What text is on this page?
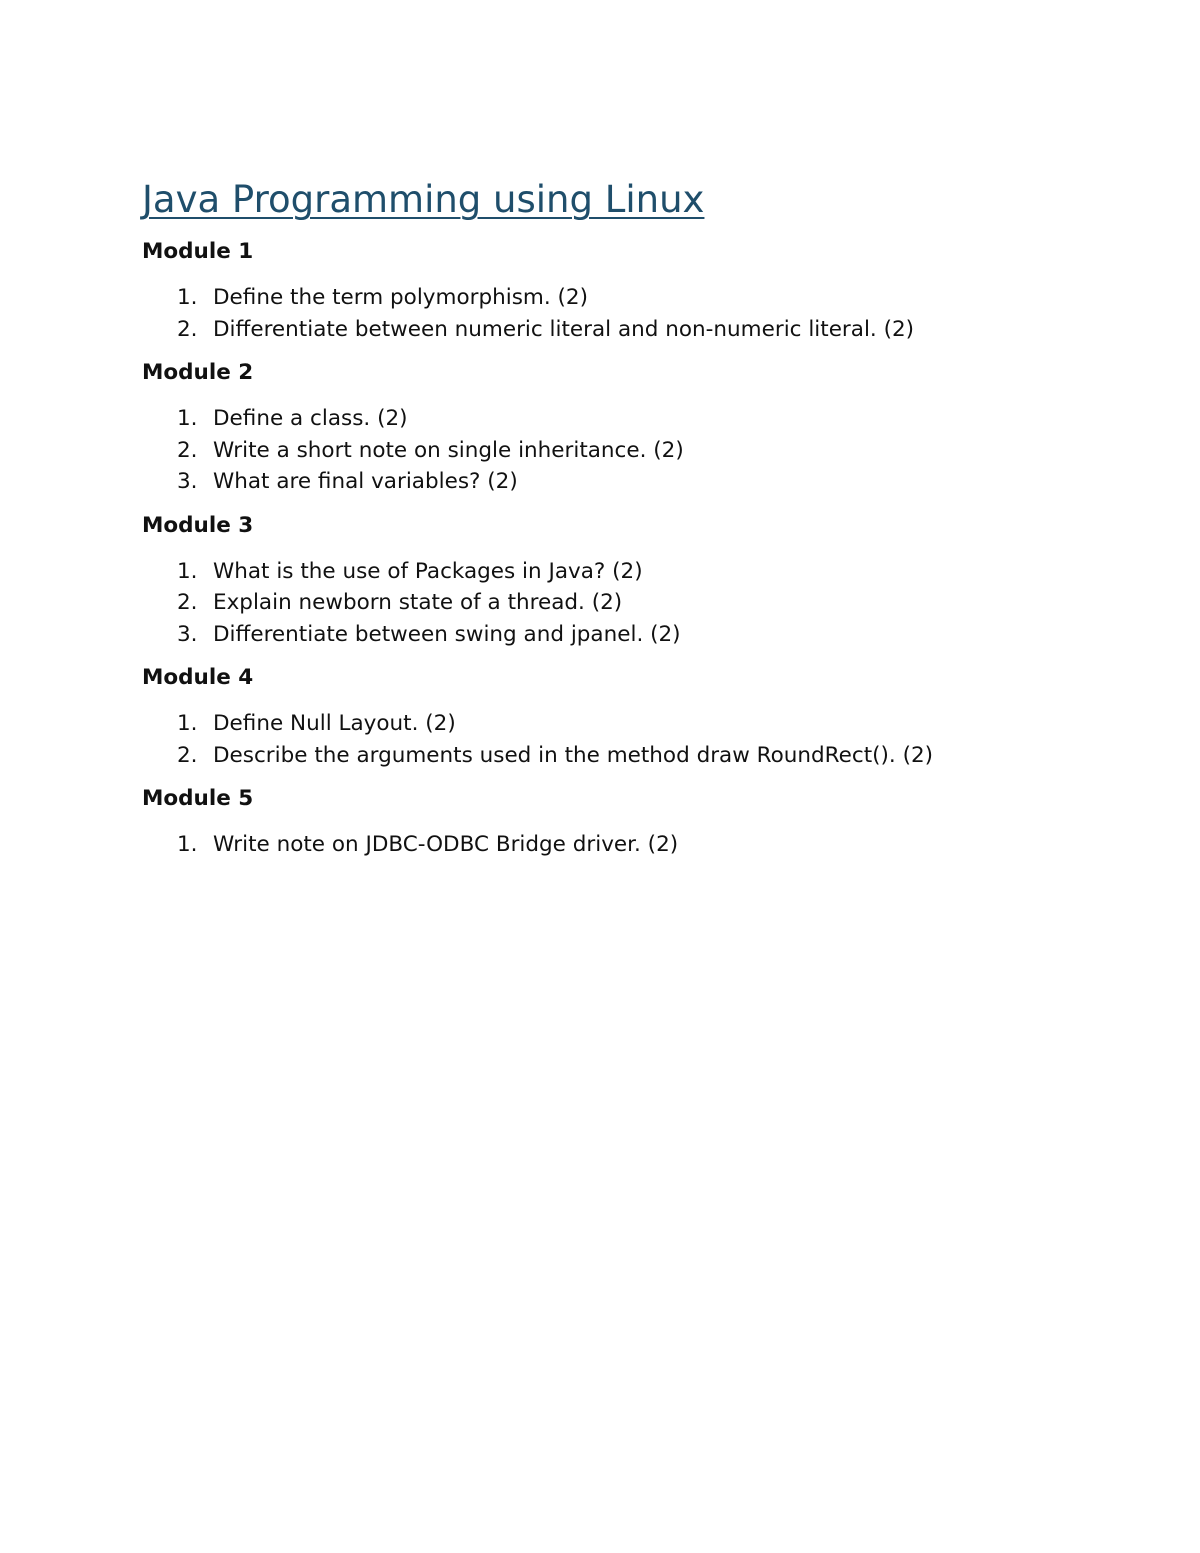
Java Programming using Linux
Module 1
1. Define the term polymorphism. (2)
2. Differentiate between numeric literal and non-numeric literal. (2)
Module 2
1. Define a class. (2)
2. Write a short note on single inheritance. (2)
3. What are final variables? (2)
Module 3
1. What is the use of Packages in Java? (2)
2. Explain newborn state of a thread. (2)
3. Differentiate between swing and jpanel. (2)
Module 4
1. Define Null Layout. (2)
2. Describe the arguments used in the method draw RoundRect(). (2)
Module 5
1. Write note on JDBC-ODBC Bridge driver. (2)
